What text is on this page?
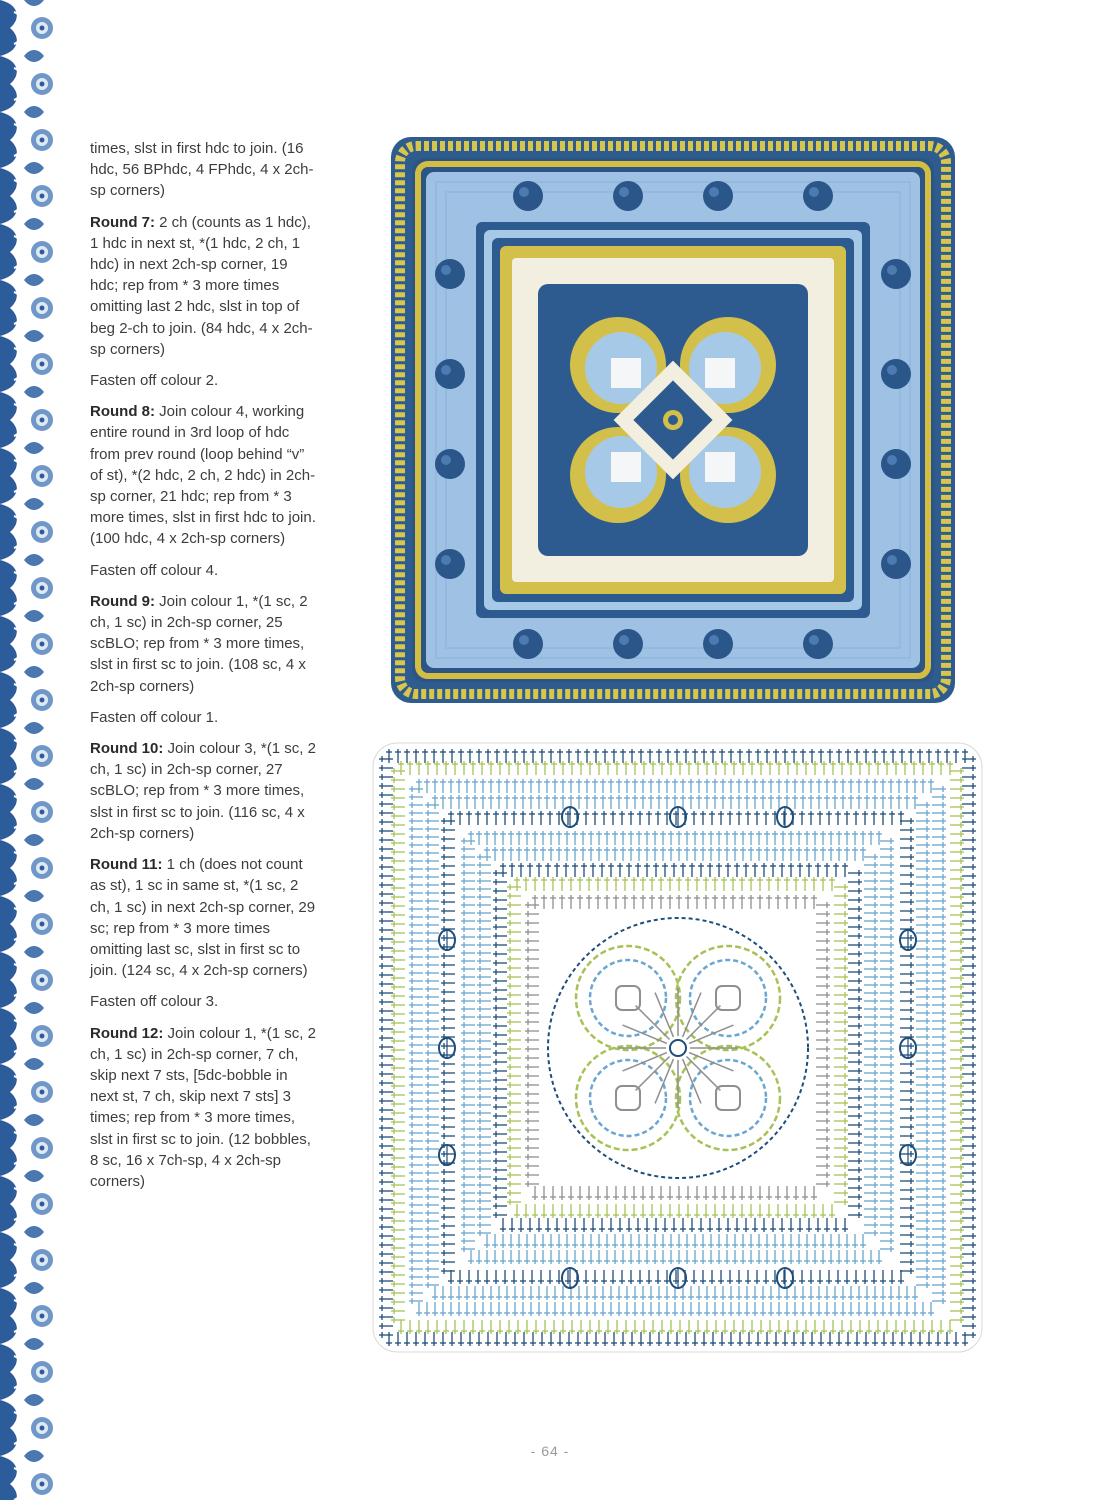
times, slst in first hdc to join. (16 hdc, 56 BPhdc, 4 FPhdc, 4 x 2ch-sp corners)

Round 7: 2 ch (counts as 1 hdc), 1 hdc in next st, *(1 hdc, 2 ch, 1 hdc) in next 2ch-sp corner, 19 hdc; rep from * 3 more times omitting last 2 hdc, slst in top of beg 2-ch to join. (84 hdc, 4 x 2ch-sp corners)

Fasten off colour 2.

Round 8: Join colour 4, working entire round in 3rd loop of hdc from prev round (loop behind “v” of st), *(2 hdc, 2 ch, 2 hdc) in 2ch-sp corner, 21 hdc; rep from * 3 more times, slst in first hdc to join. (100 hdc, 4 x 2ch-sp corners)

Fasten off colour 4.

Round 9: Join colour 1, *(1 sc, 2 ch, 1 sc) in 2ch-sp corner, 25 scBLO; rep from * 3 more times, slst in first sc to join. (108 sc, 4 x 2ch-sp corners)

Fasten off colour 1.

Round 10: Join colour 3, *(1 sc, 2 ch, 1 sc) in 2ch-sp corner, 27 scBLO; rep from * 3 more times, slst in first sc to join. (116 sc, 4 x 2ch-sp corners)

Round 11: 1 ch (does not count as st), 1 sc in same st, *(1 sc, 2 ch, 1 sc) in next 2ch-sp corner, 29 sc; rep from * 3 more times omitting last sc, slst in first sc to join. (124 sc, 4 x 2ch-sp corners)

Fasten off colour 3.

Round 12: Join colour 1, *(1 sc, 2 ch, 1 sc) in 2ch-sp corner, 7 ch, skip next 7 sts, [5dc-bobble in next st, 7 ch, skip next 7 sts] 3 times; rep from * 3 more times, slst in first sc to join. (12 bobbles, 8 sc, 16 x 7ch-sp, 4 x 2ch-sp corners)

- 64 -
